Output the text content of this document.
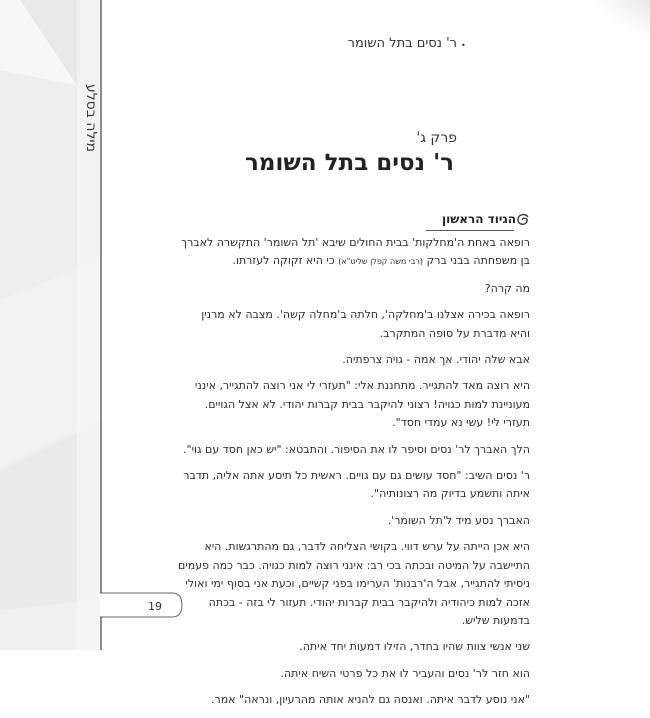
מילה בסלע
•
ר' נסים בתל השומר
פרק ג'
ר' נסים בתל השומר
הגיוד הראשון

רופאה באחת ה'מחלקות' בבית החולים שיבא 'תל השומר' התקשרה לאברך בן משפחתה בבני ברק (רבי משה קפלן שליט"א) כי היא זקוקה לעזרתו.

מה קרה?

רופאה בכירה אצלנו ב'מחלקה', חלתה ב'מחלה קשה'. מצבה לא מרנין והיא מדברת על סופה המתקרב.

אבא שלה יהודי. אך אמה - גויה צרפתיה.

היא רוצה מאד להתגייר. מתחננת אלי: "תעזרי לי אני רוצה להתגייר, אינני מעוניינת למות כגויה! רצוני להיקבר בבית קברות יהודי. לא אצל הגויים. תעזרי לי! עשי נא עמדי חסד".

הלך האברך לר' נסים וסיפר לו את הסיפור. והתבטא: "יש כאן חסד עם גוי".

ר' נסים השיב: "חסד עושים גם עם גויים. ראשית כל תיסע אתה אליה, תדבר איתה ותשמע בדיוק מה רצונותיה".

האברך נסע מיד ל'תל השומר'.

היא אכן הייתה על ערש דווי. בקושי הצליחה לדבר, גם מהתרגשות. היא התיישבה על המיטה ובכתה בכי רב: אינני רוצה למות כגויה. כבר כמה פעמים ניסיתי להתגייר, אבל ה'רבנות' הערימו בפני קשיים, וכעת אני בסוף ימי ואולי אזכה למות כיהודיה ולהיקבר בבית קברות יהודי. תעזור לי בזה - בכתה בדמעות שליש.

שני אנשי צוות שהיו בחדר, הזילו דמעות יחד איתה.

הוא חזר לר' נסים והעביר לו את כל פרטי השיח איתה.

"אני נוסע לדבר איתה. ואנסה גם להניא אותה מהרעיון, ונראה" אמר.

19
